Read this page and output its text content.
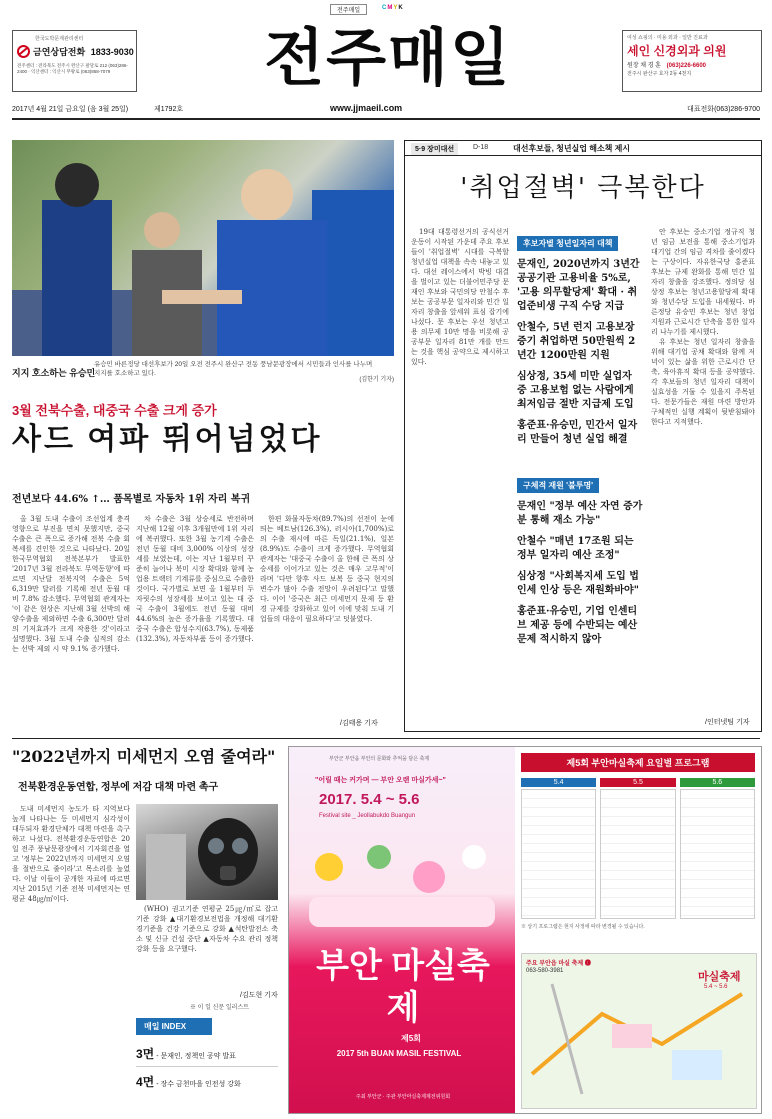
전주매일	C M Y K
한국도박문제관리센터
금연상담전화 1833-9030
전주센터 : 전라북도 전주시 완산구 팔달로 212 (063)286-2400 · 익산센터 : 익산시 무왕로 (063)858-7079	전주매일	여성 쇼핑의 · 미용 외과 · 일반 진료과
세인 신경외과 의원
원장 채 경 훈 (063)226-6600
전주시 완산구 효자 2동 4천지
2017년 4월 21일 금요일 (음 3월 25일)	제1792호	www.jjmaeil.com	대표전화(063)286-9700
지지 호소하는 유승민
유승민 바른정당 대선후보가 20일 오전 전주시 완산구 전동 풍남문광장에서 시민들과 인사를 나누며 지지를 호소하고 있다.
(김한기 기자)
3월 전북수출, 대중국 수출 크게 증가
사드 여파 뛰어넘었다
전년보다 44.6% ↑… 품목별로 자동차 1위 자리 복귀

올 3월 도내 수출이 조선업계 충격 영향으로 부진을 면치 못했지만, 중국 수출은 큰 폭으로 증가해 전북 수출 회복세를 견인한 것으로 나타났다. 20일 한국무역협회 전북본부가 발표한 '2017년 3월 전라북도 무역동향'에 따르면 지난달 전북지역 수출은 5억6,319만 달러를 기록해 전년 동월 대비 7.8% 감소했다. 무역협회 관계자는 '이 같은 현상은 지난해 3월 선박의 해양수출을 제외하면 수출 6,300만 달러의 기저효과가 크게 작용한 것'이라고 설명했다. 3월 도내 수출 실적의 감소는 선박 제외 시 약 9.1% 증가했다.

차 수출은 3월 상승세로 반전하며 지난해 12월 이후 3개월만에 1위 자리에 복귀했다. 또한 3월 농기계 수출은 전년 동월 대비 3,000% 이상의 성장세를 보였는데, 이는 지난 1월부터 꾸준히 늘어나 북미 시장 확대와 함께 농업용 트랙터 기계류를 중심으로 수출한 것이다. 국가별로 보면 올 1월부터 두 자릿수의 성장세를 보이고 있는 대 중국 수출이 3월에도 전년 동월 대비 44.6%의 높은 증가율을 기록했다. 대 중국 수출은 합성수지(63.7%), 동제품(132.3%), 자동차부품 등이 증가했다.

한편 화물자동차(89.7%)의 선전이 눈에 띄는 베트남(126.3%), 러시아(1,700%)로의 수출 재시에 따른 독일(21.1%), 일본(8.9%)도 수출이 크게 증가했다. 무역협회 관계자는 '대중국 수출이 올 한해 큰 폭의 상승세를 이어가고 있는 것은 매우 고무적'이라며 '다만 향후 사드 보복 등 중국 현지의 변수가 많아 수출 전망이 우려된다'고 말했다. 이어 '중국은 최근 미세먼지 문제 등 환경 규제를 강화하고 있어 이에 맞춰 도내 기업들의 대응이 필요하다'고 덧붙였다.

/김태용 기자
5·9 장미대선	D-18	대선후보들, 청년실업 해소책 제시
'취업절벽' 극복한다

19대 대통령선거의 공식선거운동이 시작된 가운데 주요 후보들이 '취업절벽' 시대를 극복할 청년실업 대책을 속속 내놓고 있다. 대선 레이스에서 박빙 대결을 벌이고 있는 더불어민주당 문재인 후보와 국민의당 안철수 후보는 공공부문 일자리와 민간 일자리 창출을 앞세워 표심 잡기에 나섰다. 문 후보는 우선 청년고용 의무제 10만 명을 비롯해 공공부문 일자리 81만 개를 만드는 것을 핵심 공약으로 제시하고 있다.

후보자별 청년일자리 대책

문재인, 2020년까지 3년간 공공기관 고용비율 5%로, '고용 의무할당제' 확대 · 취업준비생 구직 수당 지급

안철수, 5년 런지 고용보장 증기 취업하면 50만원씩 2년간 1200만원 지원

심상정, 35세 미만 실업자 중 고용보험 없는 사람에게 최저임금 절반 지급제 도입

홍준표·유승민, 민간서 일자리 만들어 청년 실업 해결

구체적 재원 '불투명'

문재인 "정부 예산 자연 증가분 통해 재소 가능"

안철수 "매년 17조원 되는 정부 일자리 예산 조정"

심상정 "사회복지세 도입 법인세 인상 등은 재원화바야"

홍준표·유승민, 기업 인센티브 제공 등에 수반되는 예산문제 적시하지 않아

안 후보는 중소기업 정규직 청년 임금 보전을 통해 중소기업과 대기업 간의 임금 격차를 줄이겠다는 구상이다. 자유한국당 홍준표 후보는 규제 완화를 통해 민간 일자리 창출을 강조했다. 정의당 심상정 후보는 청년고용할당제 확대와 청년수당 도입을 내세웠다. 바른정당 유승민 후보는 청년 창업 지원과 근로시간 단축을 통한 일자리 나누기를 제시했다.

유 후보는 청년 일자리 창출을 위해 대기업 공채 확대와 함께 저녁이 있는 삶을 위한 근로시간 단축, 육아휴직 확대 등을 공약했다. 각 후보들의 청년 일자리 대책이 실효성을 거둘 수 있을지 주목된다. 전문가들은 재원 마련 방안과 구체적인 실행 계획이 뒷받침돼야 한다고 지적했다.

/인터넷팀 기자
"2022년까지 미세먼지 오염 줄여라"
전북환경운동연합, 정부에 저감 대책 마련 촉구

도내 미세먼지 농도가 타 지역보다 높게 나타나는 등 미세먼지 심각성이 대두되자 환경단체가 대책 마련을 촉구하고 나섰다. 전북환경운동연합은 20일 전주 풍남문광장에서 기자회견을 열고 '정부는 2022년까지 미세먼지 오염을 절반으로 줄이라'고 목소리를 높였다. 이날 이들이 공개한 자료에 따르면 지난 2015년 기준 전북 미세먼지는 연평균 48㎍/㎥이다.

※ 이 일 신문 일러스트

(WHO) 권고기준 연평균 25㎍/㎥로 잡고 기준 강화 ▲대기환경보전법을 개정해 대기환경기준을 건강 기준으로 강화 ▲석탄발전소 축소 및 신규 건설 중단 ▲자동차 수요 관리 정책 강화 등을 요구했다.

/김도현 기자
매일 INDEX
3면 - 문재인, 정책인 공약 발표
4면 - 장수 금천마을 인전성 강화
부안군 부안읍 부안의 문화와 추억을 담은 축제
"어릴 때는 커가며 — 부안 오랜 마실가세~"
2017. 5.4 ~ 5.6
Festival site _ Jeollabukdo Buangun
부안 마실축제
제5회
2017 5th BUAN MASIL FESTIVAL
주최 부안군 · 주관 부안마실축제제전위원회
제5회 부안마실축제 요일별 프로그램
5.4	5.5	5.6
※ 상기 프로그램은 현지 사정에 따라 변경될 수 있습니다.
주요 부안읍 마실 축제 ❶
063-580-3981	마실축제
5.4 ~ 5.6
